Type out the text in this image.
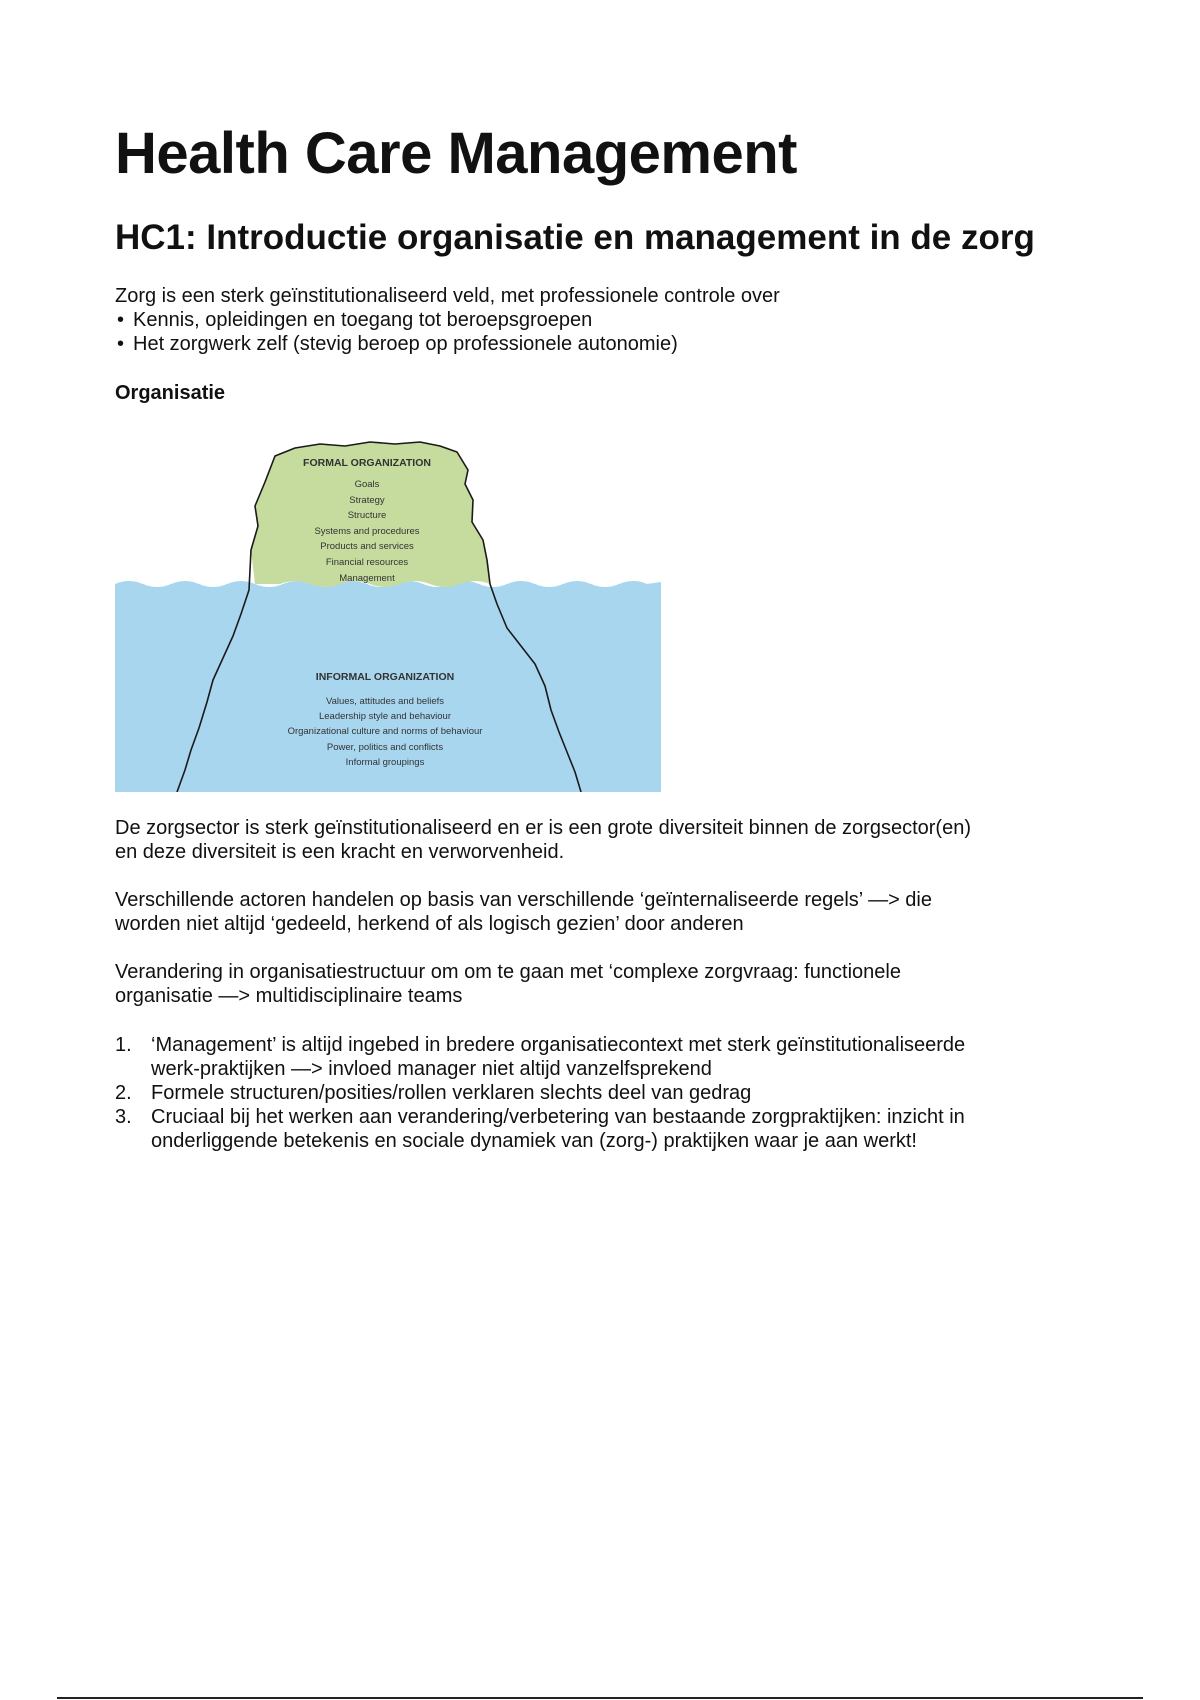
Health Care Management
HC1: Introductie organisatie en management in de zorg
Zorg is een sterk geïnstitutionaliseerd veld, met professionele controle over
• Kennis, opleidingen en toegang tot beroepsgroepen
• Het zorgwerk zelf (stevig beroep op professionele autonomie)
Organisatie
FORMAL ORGANIZATION
Goals
Strategy
Structure
Systems and procedures
Products and services
Financial resources
Management
INFORMAL ORGANIZATION
Values, attitudes and beliefs
Leadership style and behaviour
Organizational culture and norms of behaviour
Power, politics and conflicts
Informal groupings
De zorgsector is sterk geïnstitutionaliseerd en er is een grote diversiteit binnen de zorgsector(en)
en deze diversiteit is een kracht en verworvenheid.
Verschillende actoren handelen op basis van verschillende ‘geïnternaliseerde regels’ —> die
worden niet altijd ‘gedeeld, herkend of als logisch gezien’ door anderen
Verandering in organisatiestructuur om om te gaan met ‘complexe zorgvraag: functionele
organisatie —> multidisciplinaire teams
1. ‘Management’ is altijd ingebed in bredere organisatiecontext met sterk geïnstitutionaliseerde
werk-praktijken —> invloed manager niet altijd vanzelfsprekend
2. Formele structuren/posities/rollen verklaren slechts deel van gedrag
3. Cruciaal bij het werken aan verandering/verbetering van bestaande zorgpraktijken: inzicht in
onderliggende betekenis en sociale dynamiek van (zorg-) praktijken waar je aan werkt!
